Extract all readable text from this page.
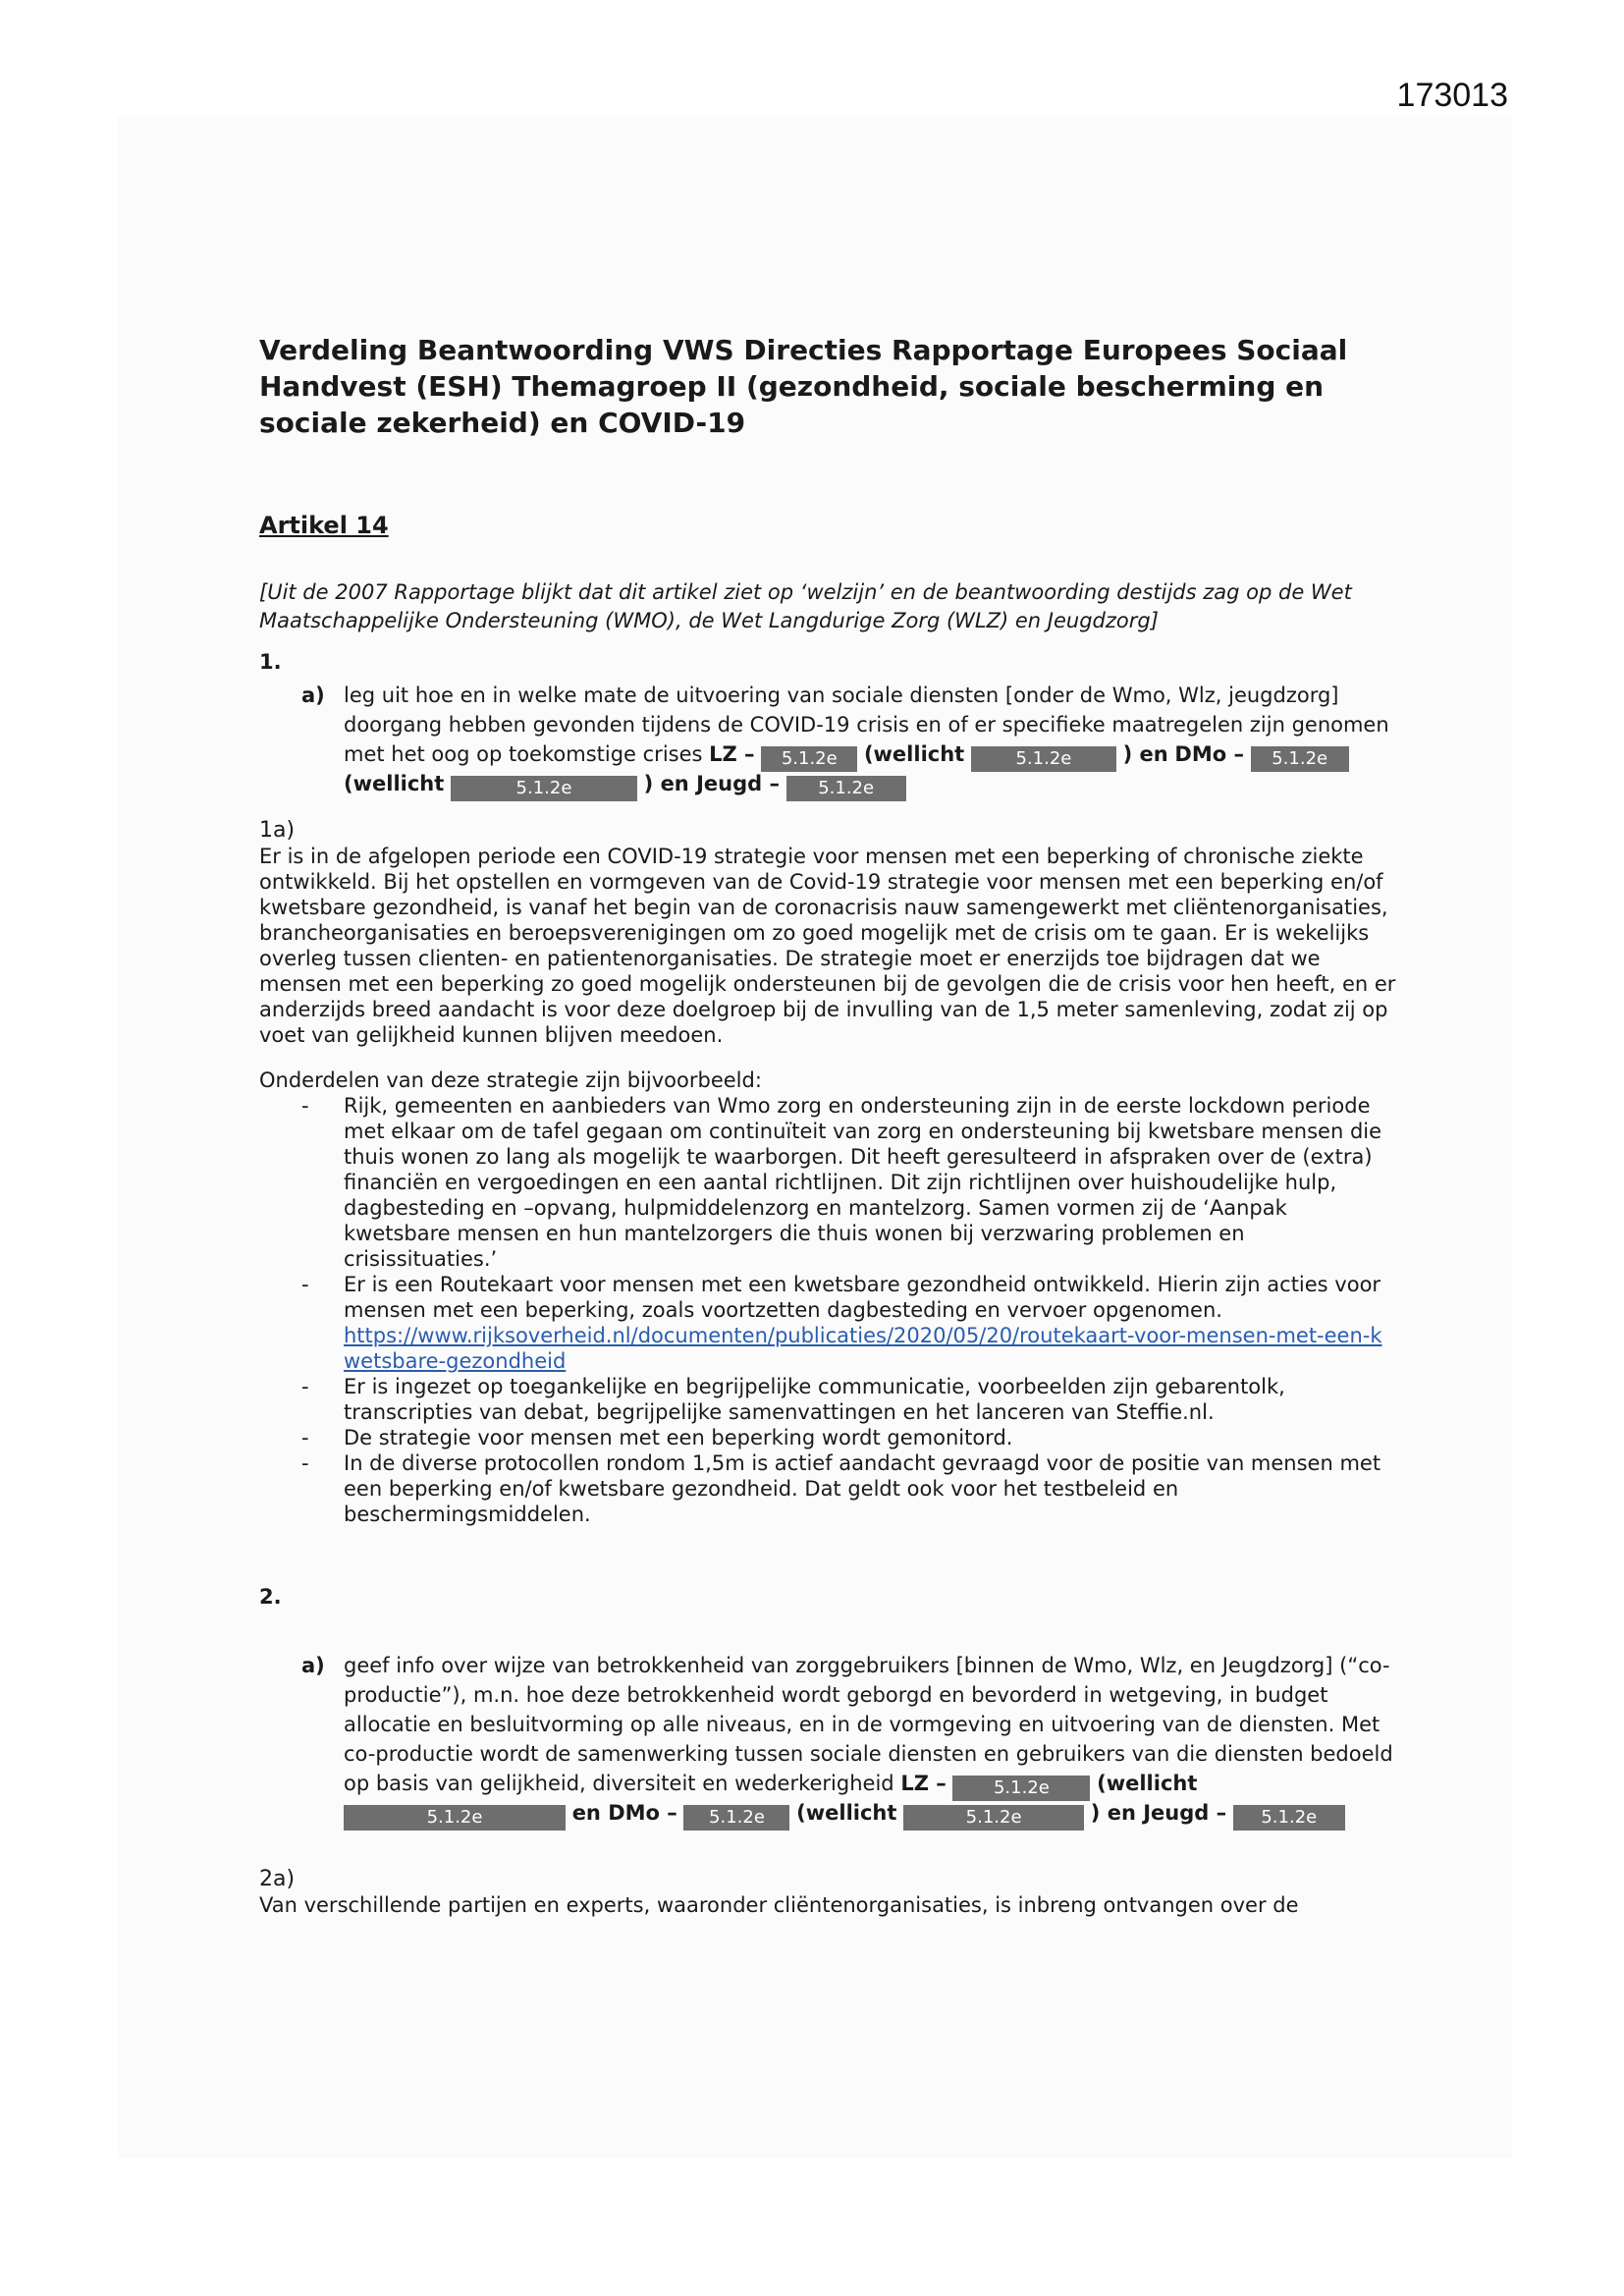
173013
Verdeling Beantwoording VWS Directies Rapportage Europees Sociaal Handvest (ESH) Themagroep II (gezondheid, sociale bescherming en sociale zekerheid) en COVID-19
Artikel 14
[Uit de 2007 Rapportage blijkt dat dit artikel ziet op ‘welzijn’ en de beantwoording destijds zag op de Wet Maatschappelijke Ondersteuning (WMO), de Wet Langdurige Zorg (WLZ) en Jeugdzorg]
1.
a) leg uit hoe en in welke mate de uitvoering van sociale diensten [onder de Wmo, Wlz, jeugdzorg] doorgang hebben gevonden tijdens de COVID-19 crisis en of er specifieke maatregelen zijn genomen met het oog op toekomstige crises LZ – 5.1.2e (wellicht	5.1.2e ) en DMo – 5.1.2e (wellicht	5.1.2e	) en Jeugd – 5.1.2e
1a)
Er is in de afgelopen periode een COVID-19 strategie voor mensen met een beperking of chronische ziekte ontwikkeld. Bij het opstellen en vormgeven van de Covid-19 strategie voor mensen met een beperking en/of kwetsbare gezondheid, is vanaf het begin van de coronacrisis nauw samengewerkt met cliëntenorganisaties, brancheorganisaties en beroepsverenigingen om zo goed mogelijk met de crisis om te gaan. Er is wekelijks overleg tussen clienten- en patientenorganisaties. De strategie moet er enerzijds toe bijdragen dat we mensen met een beperking zo goed mogelijk ondersteunen bij de gevolgen die de crisis voor hen heeft, en er anderzijds breed aandacht is voor deze doelgroep bij de invulling van de 1,5 meter samenleving, zodat zij op voet van gelijkheid kunnen blijven meedoen.
Onderdelen van deze strategie zijn bijvoorbeeld:
- Rijk, gemeenten en aanbieders van Wmo zorg en ondersteuning zijn in de eerste lockdown periode met elkaar om de tafel gegaan om continuïteit van zorg en ondersteuning bij kwetsbare mensen die thuis wonen zo lang als mogelijk te waarborgen. Dit heeft geresulteerd in afspraken over de (extra) financiën en vergoedingen en een aantal richtlijnen. Dit zijn richtlijnen over huishoudelijke hulp, dagbesteding en –opvang, hulpmiddelenzorg en mantelzorg. Samen vormen zij de ‘Aanpak kwetsbare mensen en hun mantelzorgers die thuis wonen bij verzwaring problemen en crisissituaties.’
- Er is een Routekaart voor mensen met een kwetsbare gezondheid ontwikkeld. Hierin zijn acties voor mensen met een beperking, zoals voortzetten dagbesteding en vervoer opgenomen.
https://www.rijksoverheid.nl/documenten/publicaties/2020/05/20/routekaart-voor-mensen-met-een-kwetsbare-gezondheid
- Er is ingezet op toegankelijke en begrijpelijke communicatie, voorbeelden zijn gebarentolk, transcripties van debat, begrijpelijke samenvattingen en het lanceren van Steffie.nl.
- De strategie voor mensen met een beperking wordt gemonitord.
- In de diverse protocollen rondom 1,5m is actief aandacht gevraagd voor de positie van mensen met een beperking en/of kwetsbare gezondheid. Dat geldt ook voor het testbeleid en beschermingsmiddelen.
2.
a) geef info over wijze van betrokkenheid van zorggebruikers [binnen de Wmo, Wlz, en Jeugdzorg] (“co-productie”), m.n. hoe deze betrokkenheid wordt geborgd en bevorderd in wetgeving, in budget allocatie en besluitvorming op alle niveaus, en in de vormgeving en uitvoering van de diensten. Met co-productie wordt de samenwerking tussen sociale diensten en gebruikers van die diensten bedoeld op basis van gelijkheid, diversiteit en wederkerigheid LZ –	5.1.2e (wellicht 5.1.2e	en DMo – 5.1.2e (wellicht	5.1.2e	) en Jeugd – 5.1.2e
2a)
Van verschillende partijen en experts, waaronder cliëntenorganisaties, is inbreng ontvangen over de
